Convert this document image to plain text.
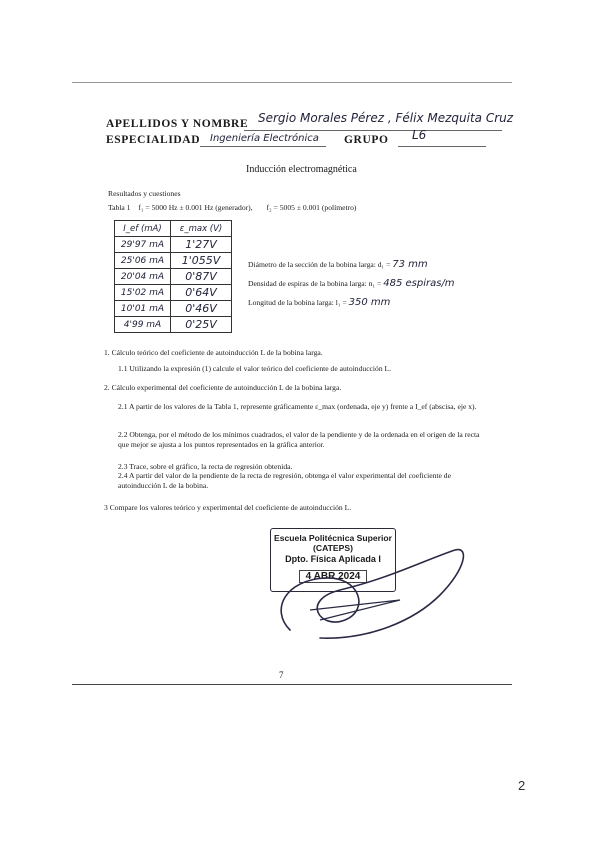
APELLIDOS Y NOMBRE Sergio Morales Pérez , Félix Mezquita Cruz
ESPECIALIDAD Ingeniería Electrónica GRUPO L6
Inducción electromagnética
Resultados y cuestiones
Tabla 1 f₁ = 5000 Hz ± 0.001 Hz (generador), f₂ = 5005 ± 0.001 (polímetro)
I_ef (mA)	ε_max (V)
29'97 mA	1'27V
25'06 mA	1'055V
20'04 mA	0'87V
15'02 mA	0'64V
10'01 mA	0'46V
4'99 mA	0'25V
Diámetro de la sección de la bobina larga: d₁ = 73 mm
Densidad de espiras de la bobina larga: n₁ = 485 espiras/m
Longitud de la bobina larga: l₁ = 350 mm
1. Cálculo teórico del coeficiente de autoinducción L de la bobina larga.
1.1 Utilizando la expresión (1) calcule el valor teórico del coeficiente de autoinducción L.
2. Cálculo experimental del coeficiente de autoinducción L de la bobina larga.
2.1 A partir de los valores de la Tabla 1, represente gráficamente ε_max (ordenada, eje y) frente a I_ef (abscisa, eje x).
2.2 Obtenga, por el método de los mínimos cuadrados, el valor de la pendiente y de la ordenada en el origen de la recta que mejor se ajusta a los puntos representados en la gráfica anterior.
2.3 Trace, sobre el gráfico, la recta de regresión obtenida.
2.4 A partir del valor de la pendiente de la recta de regresión, obtenga el valor experimental del coeficiente de autoinducción L de la bobina.
3 Compare los valores teórico y experimental del coeficiente de autoinducción L.
Escuela Politécnica Superior (CATEPS)
Dpto. Física Aplicada I
4 ABR 2024
7
2
